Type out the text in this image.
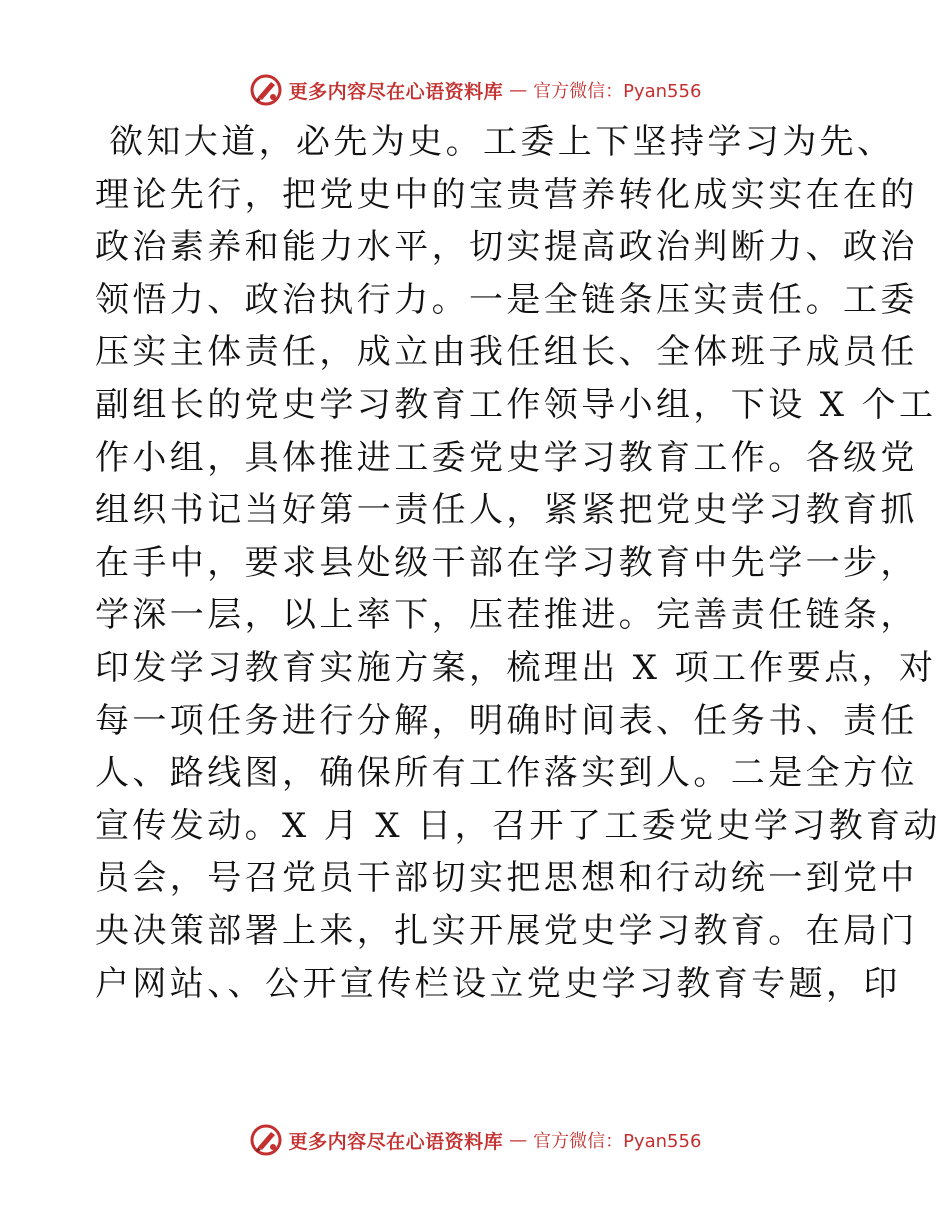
更多内容尽在心语资料库 — 官方微信：Pyan556
欲知大道，必先为史。工委上下坚持学习为先、
理论先行，把党史中的宝贵营养转化成实实在在的
政治素养和能力水平，切实提高政治判断力、政治
领悟力、政治执行力。一是全链条压实责任。工委
压实主体责任，成立由我任组长、全体班子成员任
副组长的党史学习教育工作领导小组，下设 X 个工
作小组，具体推进工委党史学习教育工作。各级党
组织书记当好第一责任人，紧紧把党史学习教育抓
在手中，要求县处级干部在学习教育中先学一步，
学深一层，以上率下，压茬推进。完善责任链条，
印发学习教育实施方案，梳理出 X 项工作要点，对
每一项任务进行分解，明确时间表、任务书、责任
人、路线图，确保所有工作落实到人。二是全方位
宣传发动。X 月 X 日，召开了工委党史学习教育动
员会，号召党员干部切实把思想和行动统一到党中
央决策部署上来，扎实开展党史学习教育。在局门
户网站、、公开宣传栏设立党史学习教育专题，印
更多内容尽在心语资料库 — 官方微信：Pyan556
